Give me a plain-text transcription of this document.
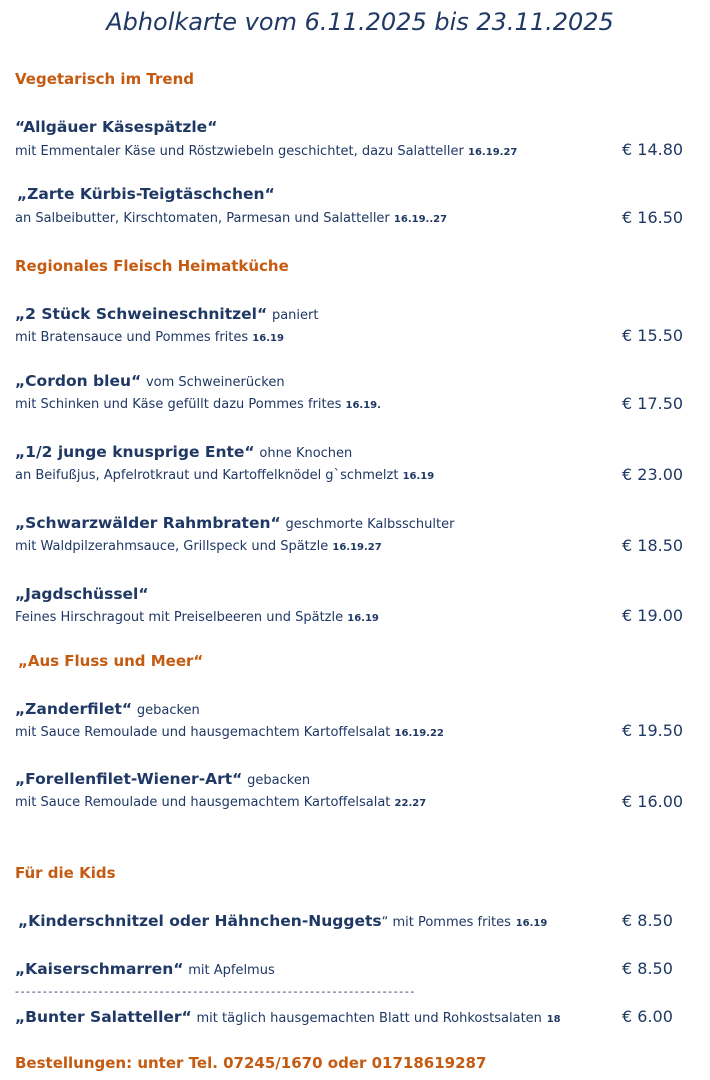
Abholkarte vom 6.11.2025 bis 23.11.2025
Vegetarisch im Trend
“Allgäuer Käsespätzle“
mit Emmentaler Käse und Röstzwiebeln geschichtet, dazu Salatteller 16.19.27	€ 14.80
„Zarte Kürbis-Teigtäschchen“
an Salbeibutter, Kirschtomaten, Parmesan und Salatteller 16.19..27	€ 16.50
Regionales Fleisch Heimatküche
„2 Stück Schweineschnitzel“ paniert
mit Bratensauce und Pommes frites 16.19	€ 15.50
„Cordon bleu“ vom Schweinerücken
mit Schinken und Käse gefüllt dazu Pommes frites 16.19.	€ 17.50
„1/2 junge knusprige Ente“ ohne Knochen
an Beifußjus, Apfelrotkraut und Kartoffelknödel g`schmelzt 16.19	€ 23.00
„Schwarzwälder Rahmbraten“ geschmorte Kalbsschulter
mit Waldpilzerahmsauce, Grillspeck und Spätzle 16.19.27	€ 18.50
„Jagdschüssel“
Feines Hirschragout mit Preiselbeeren und Spätzle 16.19	€ 19.00
„Aus Fluss und Meer“
„Zanderfilet“ gebacken
mit Sauce Remoulade und hausgemachtem Kartoffelsalat 16.19.22	€ 19.50
„Forellenfilet-Wiener-Art“ gebacken
mit Sauce Remoulade und hausgemachtem Kartoffelsalat 22.27	€ 16.00
Für die Kids
„Kinderschnitzel oder Hähnchen-Nuggets“ mit Pommes frites 16.19	€ 8.50
„Kaiserschmarren“ mit Apfelmus	€ 8.50
------------------------------------------------------------------------
„Bunter Salatteller“ mit täglich hausgemachten Blatt und Rohkostsalaten 18	€ 6.00
Bestellungen: unter Tel. 07245/1670 oder 01718619287
